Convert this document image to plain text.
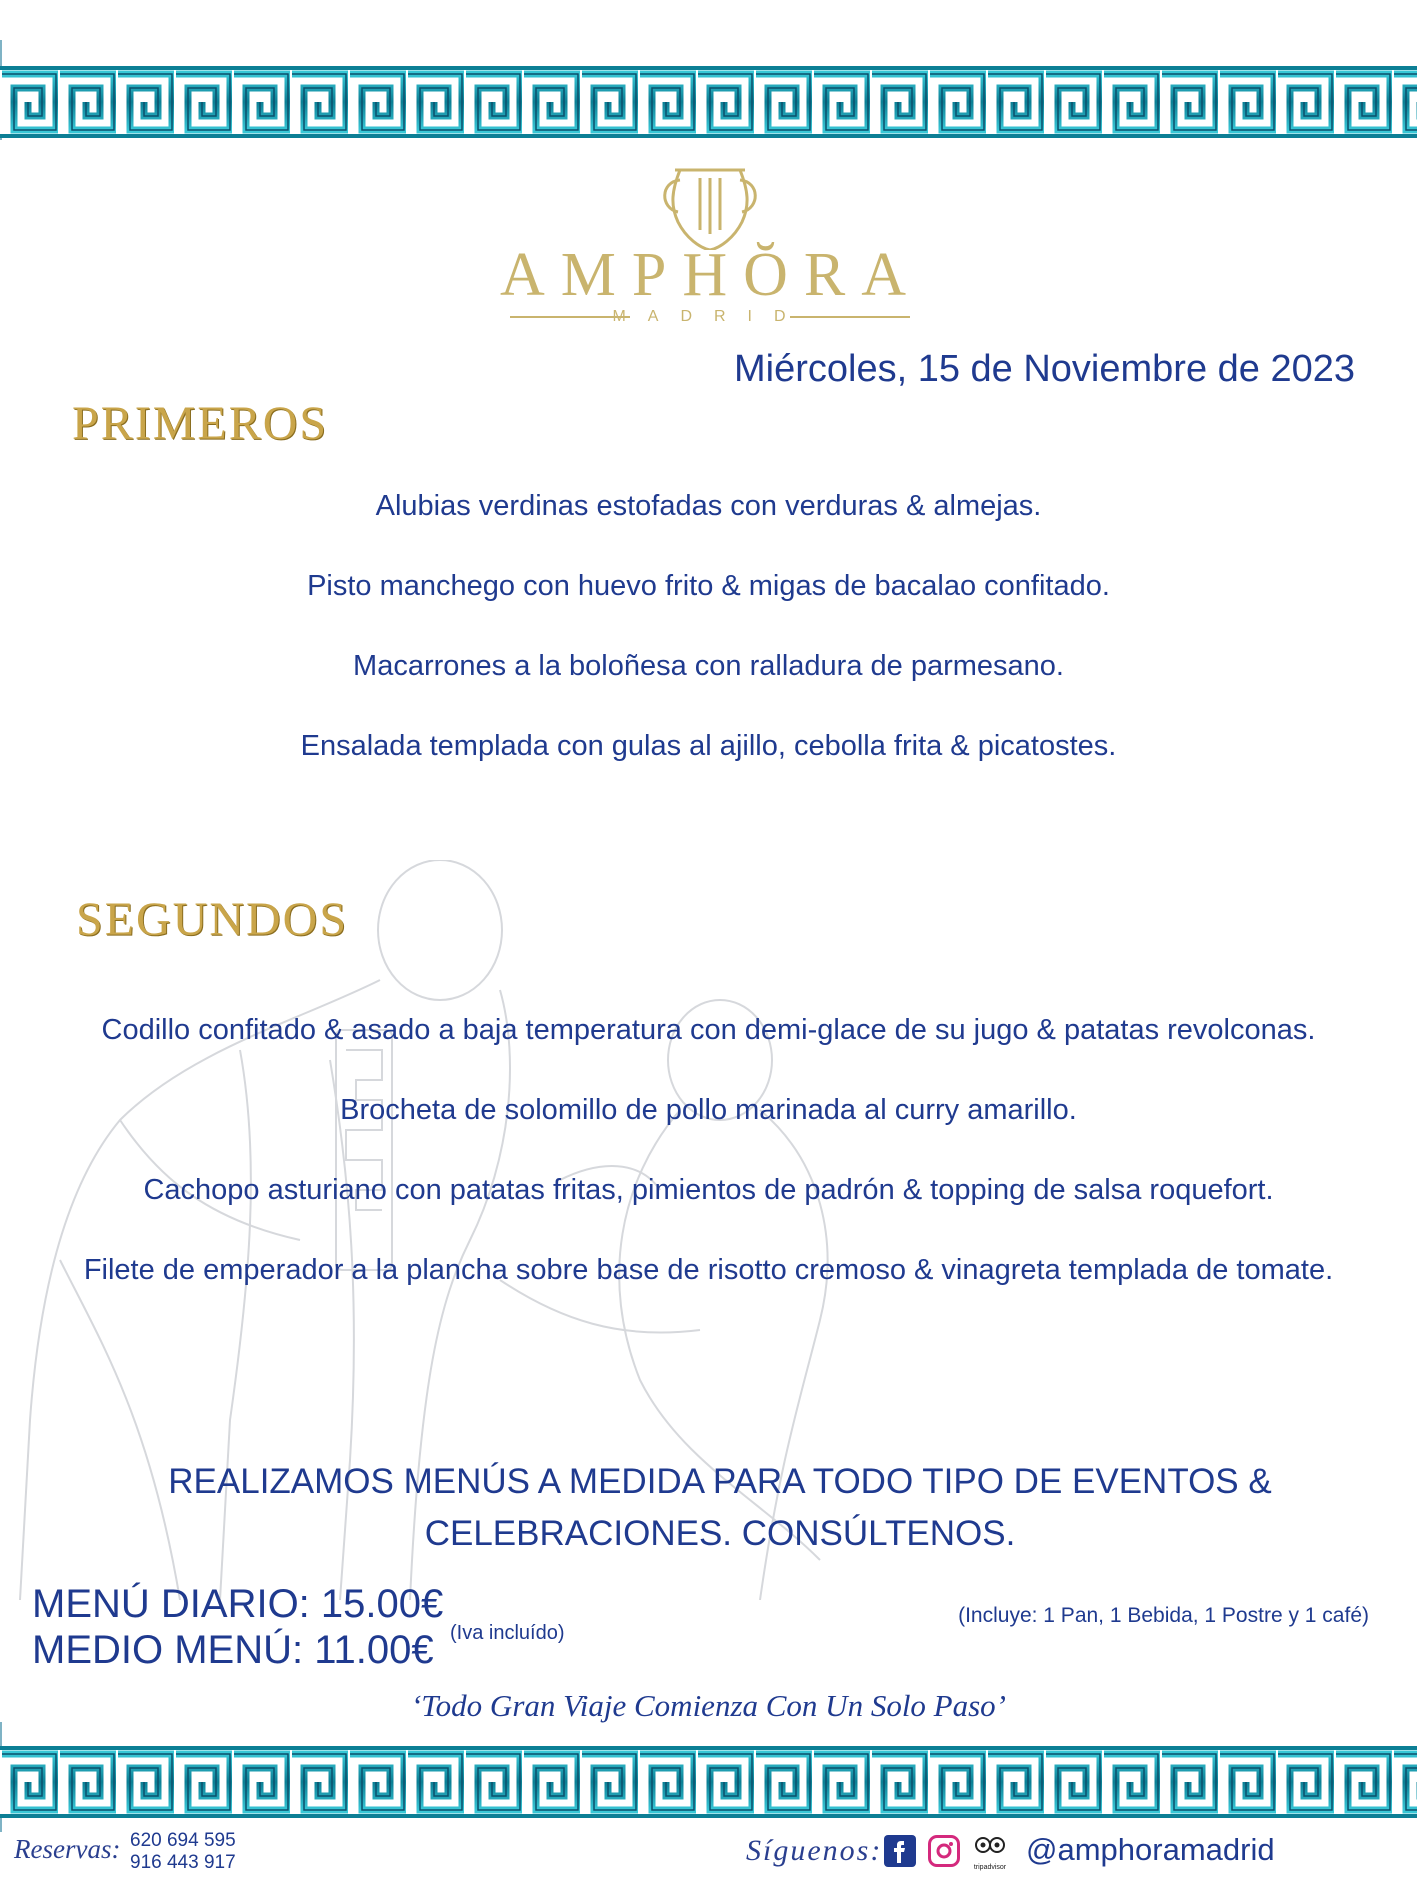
AMPHŎRA
MADRID
Miércoles, 15 de Noviembre de 2023
PRIMEROS
Alubias verdinas estofadas con verduras & almejas.
Pisto manchego con huevo frito & migas de bacalao confitado.
Macarrones a la boloñesa con ralladura de parmesano.
Ensalada templada con gulas al ajillo, cebolla frita & picatostes.
SEGUNDOS
Codillo confitado & asado a baja temperatura con demi-glace de su jugo & patatas revolconas.
Brocheta de solomillo de pollo marinada al curry amarillo.
Cachopo asturiano con patatas fritas, pimientos de padrón & topping de salsa roquefort.
Filete de emperador a la plancha sobre base de risotto cremoso & vinagreta templada de tomate.
REALIZAMOS MENÚS A MEDIDA PARA TODO TIPO DE EVENTOS &
CELEBRACIONES. CONSÚLTENOS.
MENÚ DIARIO: 15.00€
MEDIO MENÚ: 11.00€ (Iva incluído)
(Incluye: 1 Pan, 1 Bebida, 1 Postre y 1 café)
‘Todo Gran Viaje Comienza Con Un Solo Paso’
Reservas: 620 694 595
916 443 917	Síguenos:
tripadvisor
@amphoramadrid
